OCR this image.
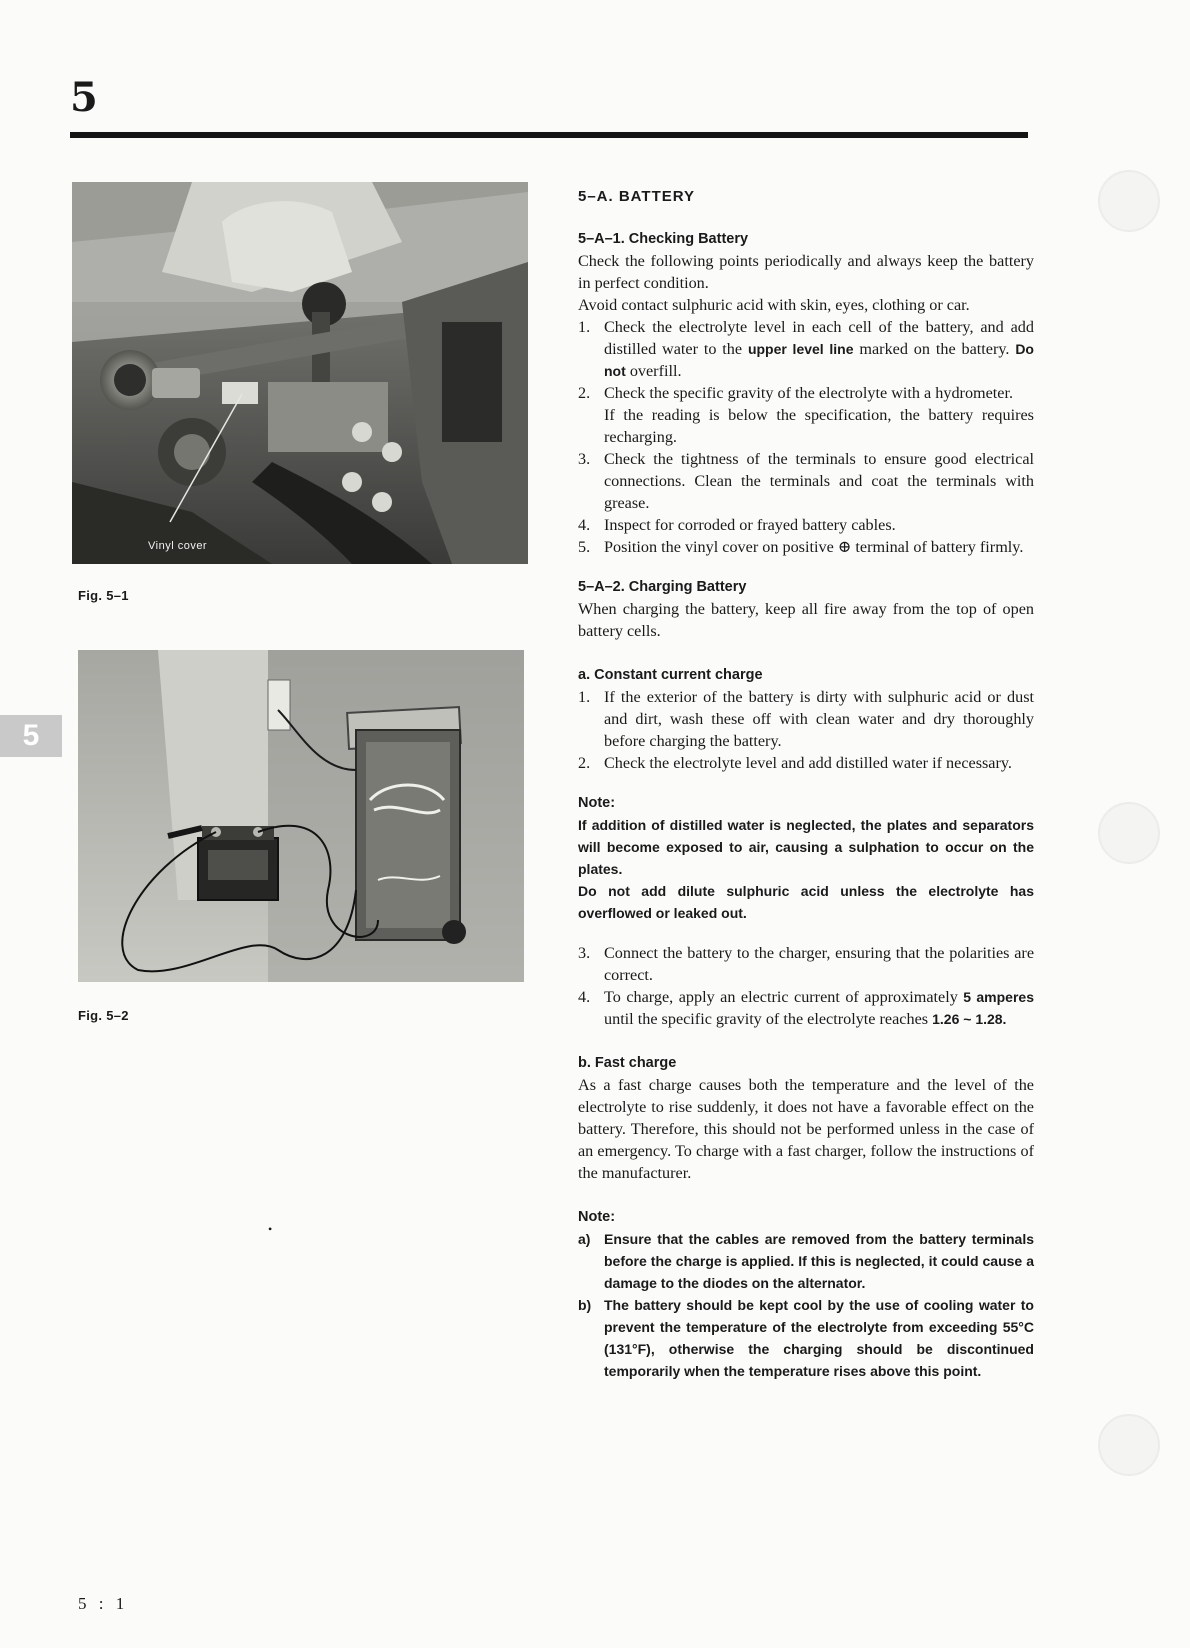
5
Vinyl cover
Fig. 5–1
Fig. 5–2
5
5–A. BATTERY
5–A–1. Checking Battery

Check the following points periodically and always keep the battery in perfect condition.

Avoid contact sulphuric acid with skin, eyes, clothing or car.

1. Check the electrolyte level in each cell of the battery, and add distilled water to the upper level line marked on the battery. Do not overfill.
2. Check the specific gravity of the electrolyte with a hydrometer.
If the reading is below the specification, the battery requires recharging.
3. Check the tightness of the terminals to ensure good electrical connections. Clean the terminals and coat the terminals with grease.
4. Inspect for corroded or frayed battery cables.
5. Position the vinyl cover on positive ⊕ terminal of battery firmly.
5–A–2. Charging Battery

When charging the battery, keep all fire away from the top of open battery cells.

a. Constant current charge
1. If the exterior of the battery is dirty with sulphuric acid or dust and dirt, wash these off with clean water and dry thoroughly before charging the battery.
2. Check the electrolyte level and add distilled water if necessary.

Note:

If addition of distilled water is neglected, the plates and separators will become exposed to air, causing a sulphation to occur on the plates.

Do not add dilute sulphuric acid unless the electrolyte has overflowed or leaked out.

3. Connect the battery to the charger, ensuring that the polarities are correct.
4. To charge, apply an electric current of approximately 5 amperes until the specific gravity of the electrolyte reaches 1.26 ~ 1.28.
b. Fast charge

As a fast charge causes both the temperature and the level of the electrolyte to rise suddenly, it does not have a favorable effect on the battery. Therefore, this should not be performed unless in the case of an emergency. To charge with a fast charger, follow the instructions of the manufacturer.

Note:

a) Ensure that the cables are removed from the battery terminals before the charge is applied. If this is neglected, it could cause a damage to the diodes on the alternator.
b) The battery should be kept cool by the use of cooling water to prevent the temperature of the electrolyte from exceeding 55°C (131°F), otherwise the charging should be discontinued temporarily when the temperature rises above this point.
•
5 : 1
